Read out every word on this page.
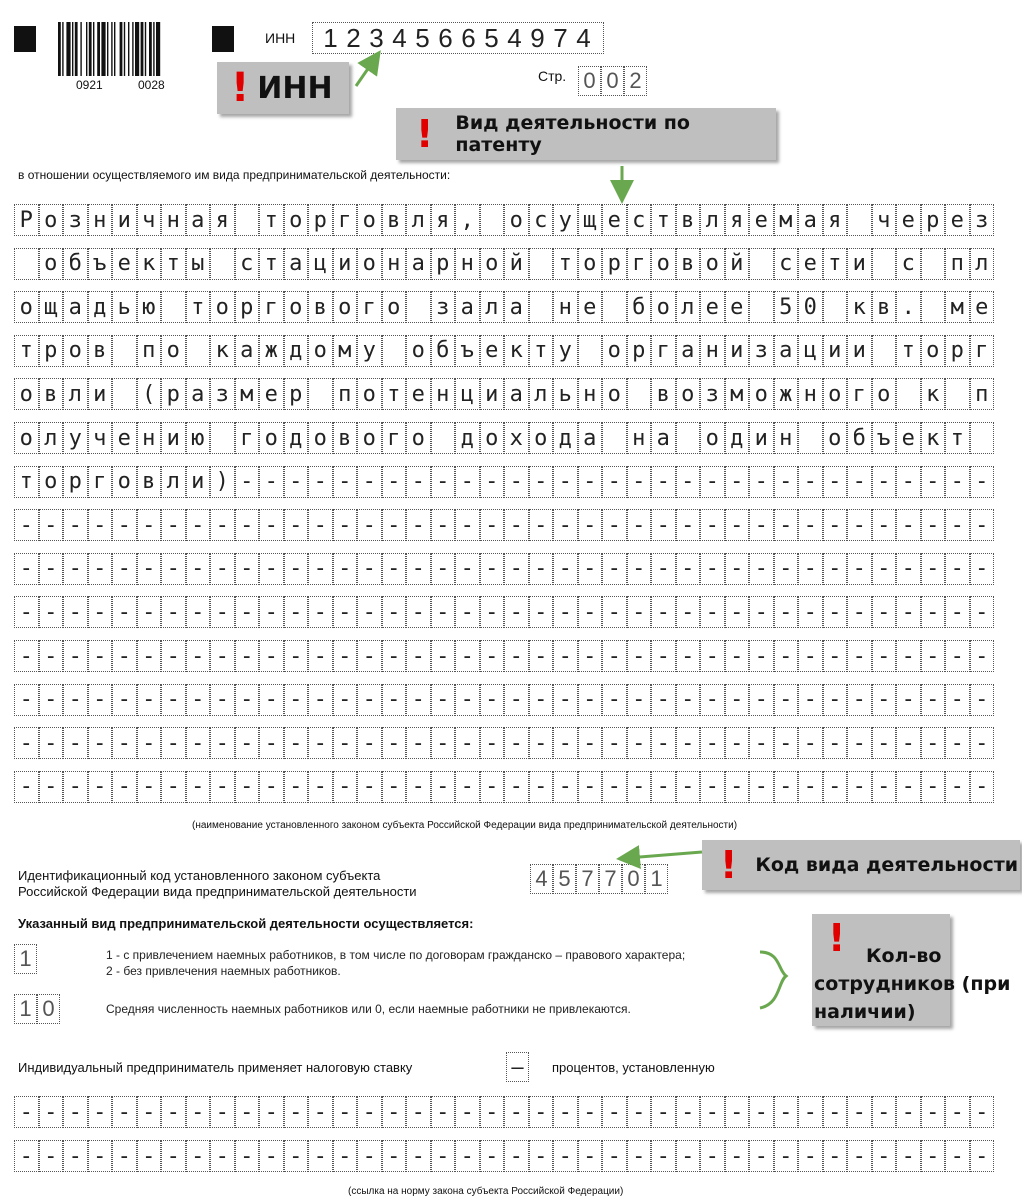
0921	0028
ИНН 1 2 3 4 5 6 6 5 4 9 7 4
Стр. 0 0 2
! ИНН
! Вид деятельности по патенту
в отношении осуществляемого им вида предпринимательской деятельности:
Р о з н и ч н а я т о р г о в л я , о с у щ е с т в л я е м а я ч е р е з
о б ъ е к т ы с т а ц и о н а р н о й т о р г о в о й с е т и с п л
о щ а д ь ю т о р г о в о г о з а л а н е б о л е е 5 0 к в . м е
т р о в п о к а ж д о м у о б ъ е к т у о р г а н и з а ц и и т о р г
о в л и ( р а з м е р п о т е н ц и а л ь н о в о з м о ж н о г о к п
о л у ч е н и ю г о д о в о г о д о х о д а н а о д и н о б ъ е к т
т о р г о в л и ) - - - - - - - - - - - - - - - - - - - - - - - - - - - - - - -
- - - - - - - - - - - - - - - - - - - - - - - - - - - - - - - - - - - - - - - -
- - - - - - - - - - - - - - - - - - - - - - - - - - - - - - - - - - - - - - - -
- - - - - - - - - - - - - - - - - - - - - - - - - - - - - - - - - - - - - - - -
- - - - - - - - - - - - - - - - - - - - - - - - - - - - - - - - - - - - - - - -
- - - - - - - - - - - - - - - - - - - - - - - - - - - - - - - - - - - - - - - -
- - - - - - - - - - - - - - - - - - - - - - - - - - - - - - - - - - - - - - - -
- - - - - - - - - - - - - - - - - - - - - - - - - - - - - - - - - - - - - - - -
(наименование установленного законом субъекта Российской Федерации вида предпринимательской деятельности)
Идентификационный код установленного законом субъекта
Российской Федерации вида предпринимательской деятельности
4 5 7 7 0 1 ! Код вида деятельности
Указанный вид предпринимательской деятельности осуществляется:
1	1 - с привлечением наемных работников, в том числе по договорам гражданско – правового характера;
2 - без привлечения наемных работников.
1 0	Средняя численность наемных работников или 0, если наемные работники не привлекаются.
!	Кол-во сотрудников (при наличии)
Индивидуальный предприниматель применяет налоговую ставку	–	процентов, установленную
- - - - - - - - - - - - - - - - - - - - - - - - - - - - - - - - - - - - - - - -
- - - - - - - - - - - - - - - - - - - - - - - - - - - - - - - - - - - - - - - -
(ссылка на норму закона субъекта Российской Федерации)
